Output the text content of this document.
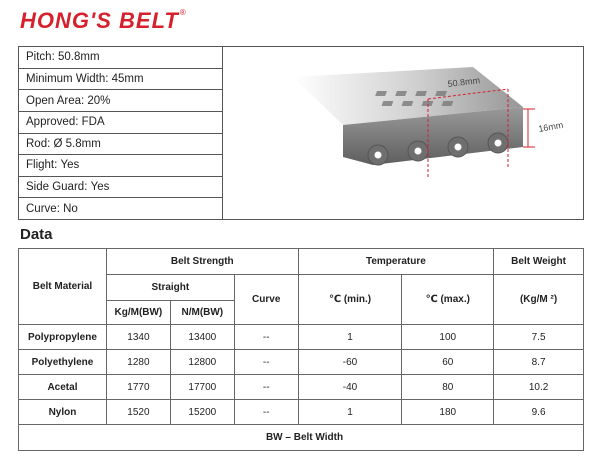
HONG'S BELT ®
Pitch :
50.8mm
Minimum Width :
45mm
Open Area :
20%
Approved :
FDA
Rod :
Ø 5.8mm
Flight :
Yes
Side Guard :
Yes
Curve :
No
50.8mm
16mm
Data
Belt Material	Belt Strength			Temperature		Belt Weight
	Straight		Curve	℃ (min.)	℃ (max.)	(Kg/M ²)
	Kg/M(BW)	N/M(BW)				
Polypropylene	1340	13400	--	1	100	7.5
Polyethylene	1280	12800	--	-60	60	8.7
Acetal	1770	17700	--	-40	80	10.2
Nylon	1520	15200	--	1	180	9.6
BW – Belt Width						
